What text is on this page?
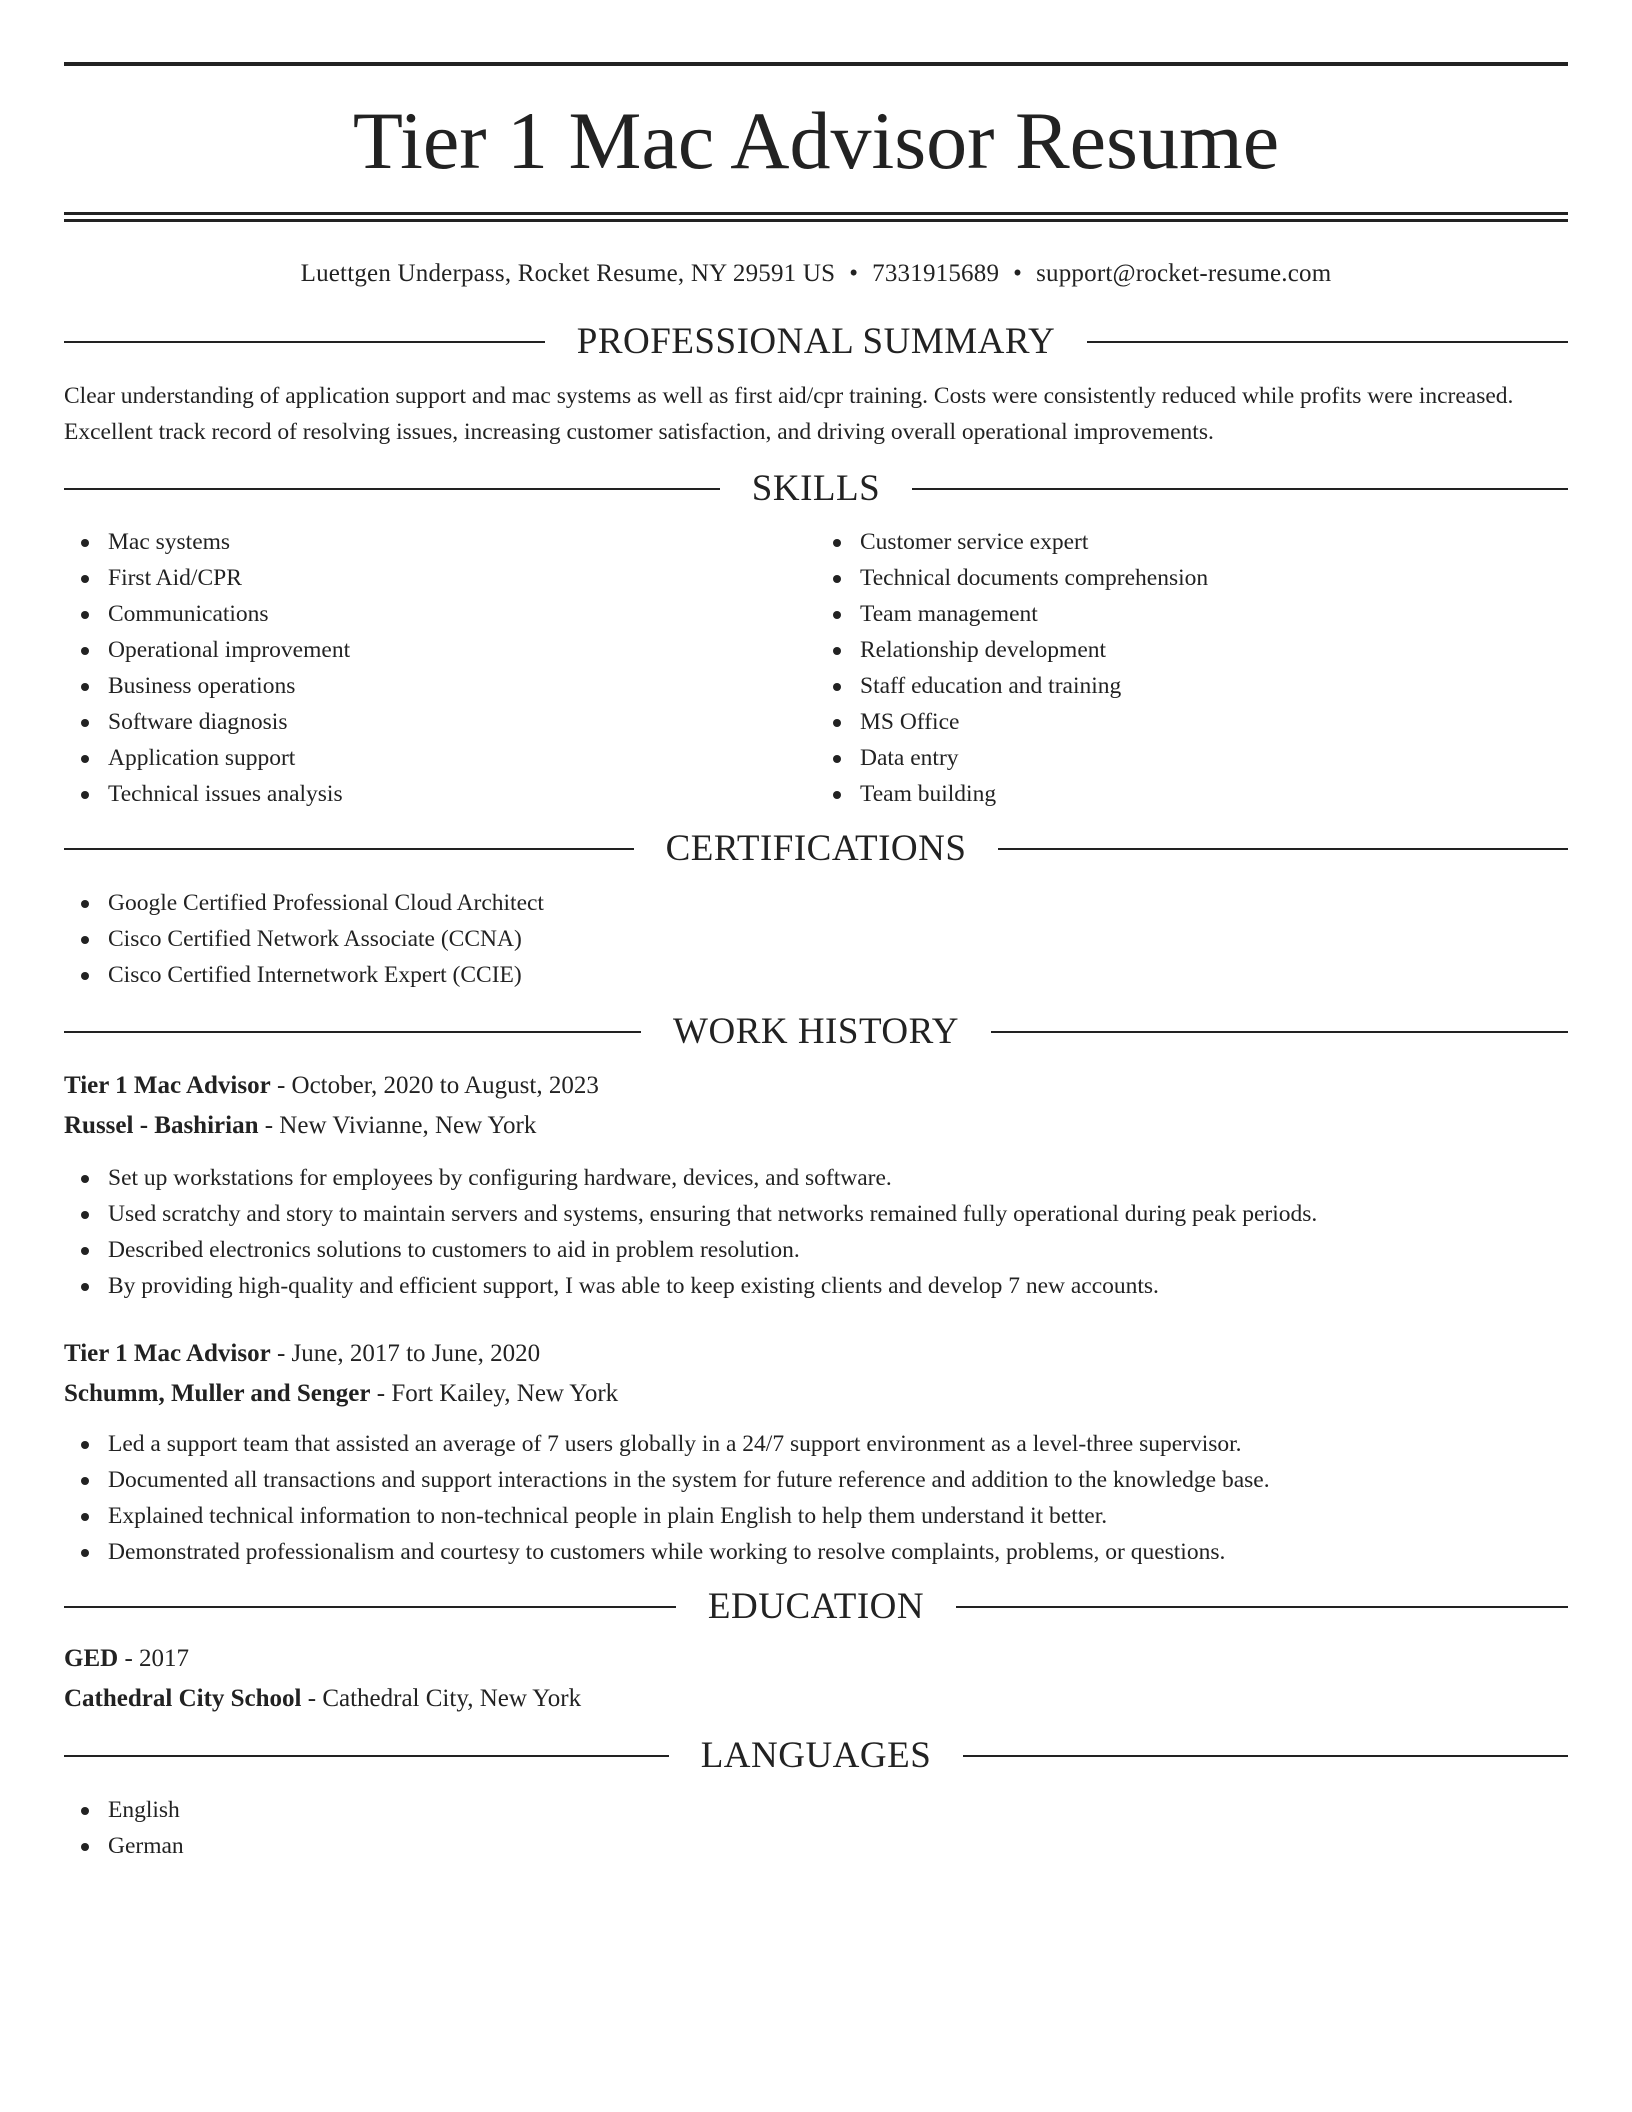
Tier 1 Mac Advisor Resume
Luettgen Underpass, Rocket Resume, NY 29591 US • 7331915689 • support@rocket-resume.com
PROFESSIONAL SUMMARY

Clear understanding of application support and mac systems as well as first aid/cpr training. Costs were consistently reduced while profits were increased. Excellent track record of resolving issues, increasing customer satisfaction, and driving overall operational improvements.

SKILLS
Mac systems
First Aid/CPR
Communications
Operational improvement
Business operations
Software diagnosis
Application support
Technical issues analysis
Customer service expert
Technical documents comprehension
Team management
Relationship development
Staff education and training
MS Office
Data entry
Team building
CERTIFICATIONS
Google Certified Professional Cloud Architect
Cisco Certified Network Associate (CCNA)
Cisco Certified Internetwork Expert (CCIE)
WORK HISTORY
Tier 1 Mac Advisor - October, 2020 to August, 2023
Russel - Bashirian - New Vivianne, New York
Set up workstations for employees by configuring hardware, devices, and software.
Used scratchy and story to maintain servers and systems, ensuring that networks remained fully operational during peak periods.
Described electronics solutions to customers to aid in problem resolution.
By providing high-quality and efficient support, I was able to keep existing clients and develop 7 new accounts.
Tier 1 Mac Advisor - June, 2017 to June, 2020
Schumm, Muller and Senger - Fort Kailey, New York
Led a support team that assisted an average of 7 users globally in a 24/7 support environment as a level-three supervisor.
Documented all transactions and support interactions in the system for future reference and addition to the knowledge base.
Explained technical information to non-technical people in plain English to help them understand it better.
Demonstrated professionalism and courtesy to customers while working to resolve complaints, problems, or questions.
EDUCATION
GED - 2017
Cathedral City School - Cathedral City, New York
LANGUAGES
English
German
